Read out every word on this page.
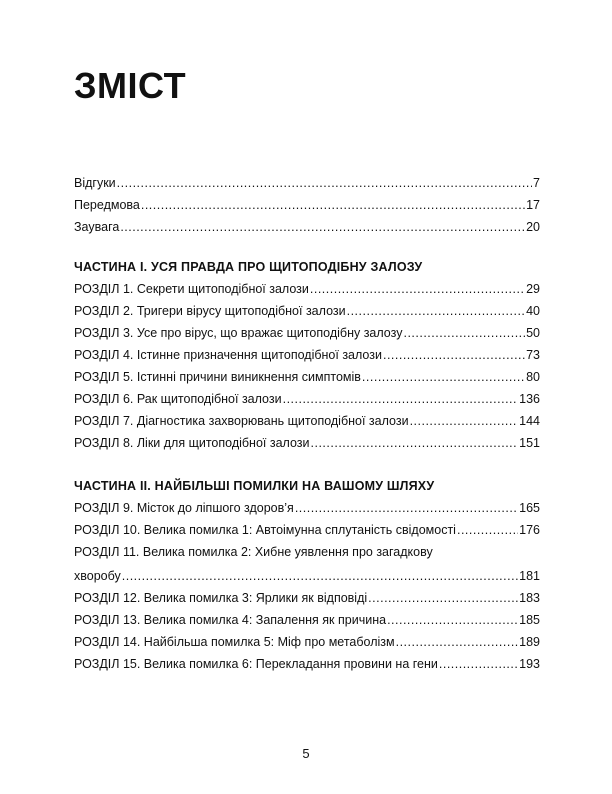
ЗМІСТ
Відгуки .....	7
Передмова .....	17
Заувага .....	20
ЧАСТИНА І. УСЯ ПРАВДА ПРО ЩИТОПОДІБНУ ЗАЛОЗУ
РОЗДІЛ 1. Секрети щитоподібної залози .....	29
РОЗДІЛ 2. Тригери вірусу щитоподібної залози .....	40
РОЗДІЛ 3. Усе про вірус, що вражає щитоподібну залозу .....	50
РОЗДІЛ 4. Істинне призначення щитоподібної залози .....	73
РОЗДІЛ 5. Істинні причини виникнення симптомів .....	80
РОЗДІЛ 6. Рак щитоподібної залози .....	136
РОЗДІЛ 7. Діагностика захворювань щитоподібної залози .....	144
РОЗДІЛ 8. Ліки для щитоподібної залози .....	151
ЧАСТИНА ІІ. НАЙБІЛЬШІ ПОМИЛКИ НА ВАШОМУ ШЛЯХУ
РОЗДІЛ 9. Місток до ліпшого здоров’я .....	165
РОЗДІЛ 10. Велика помилка 1: Автоімунна сплутаність свідомості .....	176
РОЗДІЛ 11. Велика помилка 2: Хибне уявлення про загадкову
хворобу .....	181
РОЗДІЛ 12. Велика помилка 3: Ярлики як відповіді .....	183
РОЗДІЛ 13. Велика помилка 4: Запалення як причина .....	185
РОЗДІЛ 14. Найбільша помилка 5: Міф про метаболізм .....	189
РОЗДІЛ 15. Велика помилка 6: Перекладання провини на гени .....	193
5
